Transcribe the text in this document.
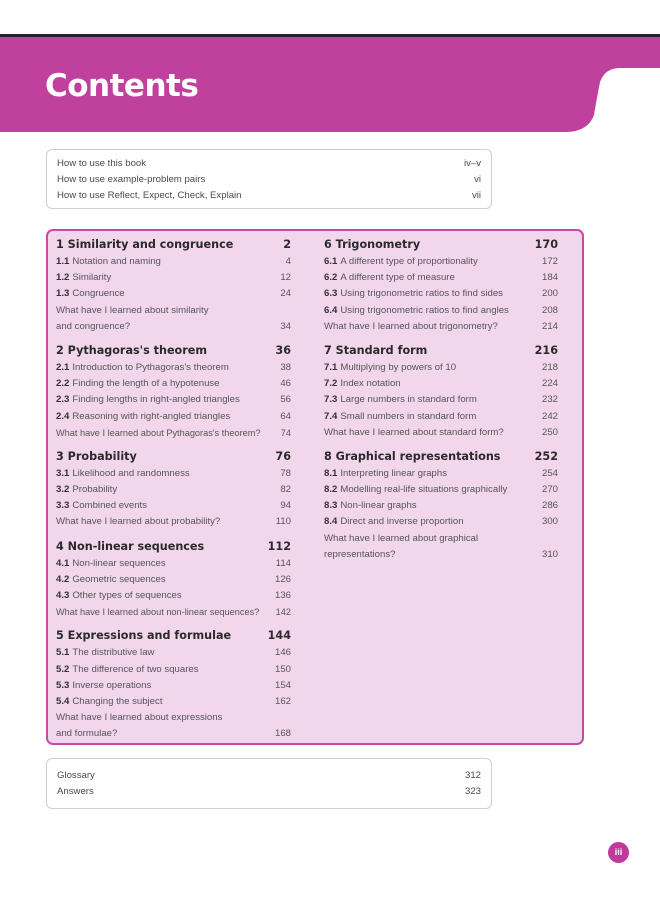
Contents
How to use this book	iv–v
How to use example-problem pairs	vi
How to use Reflect, Expect, Check, Explain	vii
1 Similarity and congruence	2
1.1 Notation and naming	4
1.2 Similarity	12
1.3 Congruence	24
What have I learned about similarity
and congruence?	34
2 Pythagoras's theorem	36
2.1 Introduction to Pythagoras's theorem	38
2.2 Finding the length of a hypotenuse	46
2.3 Finding lengths in right-angled triangles	56
2.4 Reasoning with right-angled triangles	64
What have I learned about Pythagoras's theorem? 74
3 Probability	76
3.1 Likelihood and randomness	78
3.2 Probability	82
3.3 Combined events	94
What have I learned about probability?	110
4 Non-linear sequences	112
4.1 Non-linear sequences	114
4.2 Geometric sequences	126
4.3 Other types of sequences	136
What have I learned about non-linear sequences? 142
5 Expressions and formulae	144
5.1 The distributive law	146
5.2 The difference of two squares	150
5.3 Inverse operations	154
5.4 Changing the subject	162
What have I learned about expressions
and formulae?	168
6 Trigonometry	170
6.1 A different type of proportionality	172
6.2 A different type of measure	184
6.3 Using trigonometric ratios to find sides	200
6.4 Using trigonometric ratios to find angles	208
What have I learned about trigonometry?	214
7 Standard form	216
7.1 Multiplying by powers of 10	218
7.2 Index notation	224
7.3 Large numbers in standard form	232
7.4 Small numbers in standard form	242
What have I learned about standard form?	250
8 Graphical representations	252
8.1 Interpreting linear graphs	254
8.2 Modelling real-life situations graphically	270
8.3 Non-linear graphs	286
8.4 Direct and inverse proportion	300
What have I learned about graphical
representations?	310
Glossary	312
Answers	323
iii
